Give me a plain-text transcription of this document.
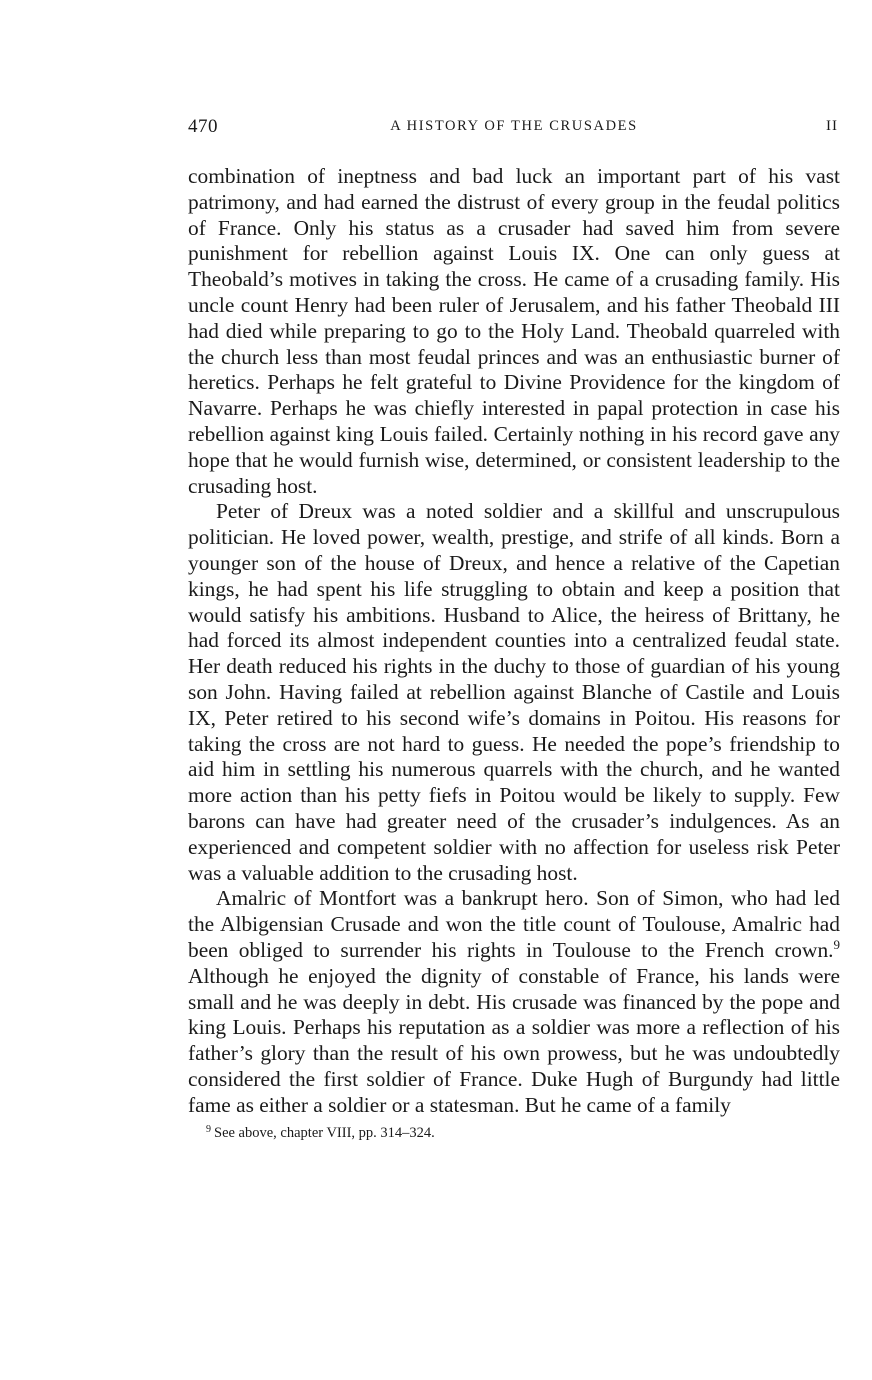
470	A HISTORY OF THE CRUSADES	II

combination of ineptness and bad luck an important part of his vast patrimony, and had earned the distrust of every group in the feudal politics of France. Only his status as a crusader had saved him from severe punishment for rebellion against Louis IX. One can only guess at Theobald’s motives in taking the cross. He came of a crusading family. His uncle count Henry had been ruler of Jerusalem, and his father Theobald III had died while preparing to go to the Holy Land. Theobald quarreled with the church less than most feudal princes and was an enthusiastic burner of heretics. Perhaps he felt grateful to Divine Providence for the kingdom of Navarre. Perhaps he was chiefly interested in papal protection in case his rebellion against king Louis failed. Certainly nothing in his record gave any hope that he would furnish wise, determined, or consistent leadership to the crusading host.

Peter of Dreux was a noted soldier and a skillful and unscrupulous politician. He loved power, wealth, prestige, and strife of all kinds. Born a younger son of the house of Dreux, and hence a relative of the Capetian kings, he had spent his life struggling to obtain and keep a position that would satisfy his ambitions. Husband to Alice, the heiress of Brittany, he had forced its almost independent counties into a centralized feudal state. Her death reduced his rights in the duchy to those of guardian of his young son John. Having failed at rebellion against Blanche of Castile and Louis IX, Peter retired to his second wife’s domains in Poitou. His reasons for taking the cross are not hard to guess. He needed the pope’s friendship to aid him in settling his numerous quarrels with the church, and he wanted more action than his petty fiefs in Poitou would be likely to supply. Few barons can have had greater need of the crusader’s indulgences. As an experienced and competent soldier with no affection for useless risk Peter was a valuable addition to the crusading host.

Amalric of Montfort was a bankrupt hero. Son of Simon, who had led the Albigensian Crusade and won the title count of Toulouse, Amalric had been obliged to surrender his rights in Toulouse to the French crown.$^9$ Although he enjoyed the dignity of constable of France, his lands were small and he was deeply in debt. His crusade was financed by the pope and king Louis. Perhaps his reputation as a soldier was more a reflection of his father’s glory than the result of his own prowess, but he was undoubtedly considered the first soldier of France. Duke Hugh of Burgundy had little fame as either a soldier or a statesman. But he came of a family

$^9$ See above, chapter VIII, pp. 314–324.
